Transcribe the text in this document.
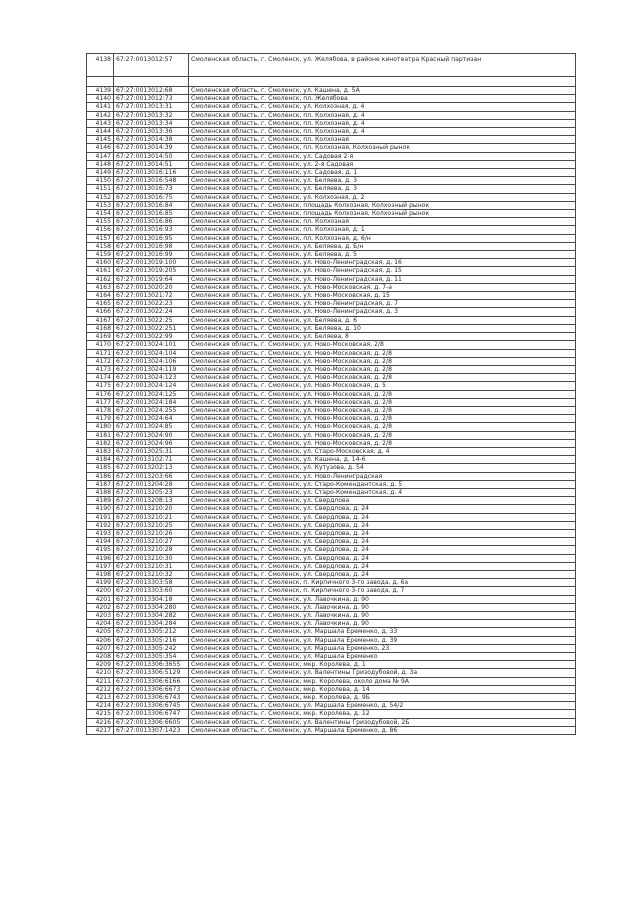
4138	67:27:0013012:57	Смоленская область, г. Смоленск, ул. Желябова, в районе кинотеатра Красный партизан

4139	67:27:0013012:68	Смоленская область, г. Смоленск, ул. Кашена, д. 5А
4140	67:27:0013012:73	Смоленская область, г. Смоленск, пл. Желябова
4141	67:27:0013013:31	Смоленская область, г. Смоленск, ул. Колхозная, д. 4
4142	67:27:0013013:32	Смоленская область, г. Смоленск, пл. Колхозная, д. 4
4143	67:27:0013013:34	Смоленская область, г. Смоленск, пл. Колхозная, д. 4
4144	67:27:0013013:36	Смоленская область, г. Смоленск, пл. Колхозная, д. 4
4145	67:27:0013014:38	Смоленская область, г. Смоленск, пл. Колхозная
4146	67:27:0013014:39	Смоленская область, г. Смоленск, пл. Колхозная, Колхозный рынок
4147	67:27:0013014:50	Смоленская область, г. Смоленск, ул. Садовая 2-я
4148	67:27:0013014:51	Смоленская область, г. Смоленск, ул. 2-я Садовая
4149	67:27:0013016:116	Смоленская область, г. Смоленск, ул. Садовая, д. 1
4150	67:27:0013016:548	Смоленская область, г. Смоленск, ул. Беляева, д. 3
4151	67:27:0013016:73	Смоленская область, г. Смоленск, ул. Беляева, д. 3
4152	67:27:0013016:75	Смоленская область, г. Смоленск, ул. Колхозная, д. 2
4153	67:27:0013016:84	Смоленская область, г. Смоленск, площадь Колхозная, Колхозный рынок
4154	67:27:0013016:85	Смоленская область, г. Смоленск, площадь Колхозная, Колхозный рынок
4155	67:27:0013016:86	Смоленская область, г. Смоленск, пл. Колхозная
4156	67:27:0013016:93	Смоленская область, г. Смоленск, пл. Колхозная, д. 1
4157	67:27:0013016:95	Смоленская область, г. Смоленск, пл. Колхозная, д. 6/н
4158	67:27:0013016:98	Смоленская область, г. Смоленск, ул. Беляева, д. Б/н
4159	67:27:0013016:99	Смоленская область, г. Смоленск, ул. Беляева, д. 5
4160	67:27:0013019:100	Смоленская область, г. Смоленск, ул. Ново-Ленинградская, д. 16
4161	67:27:0013019:205	Смоленская область, г. Смоленск, ул. Ново-Ленинградская, д. 15
4162	67:27:0013019:64	Смоленская область, г. Смоленск, ул. Ново-Ленинградская, д. 11
4163	67:27:0013020:20	Смоленская область, г. Смоленск, ул. Ново-Московская, д. 7-а
4164	67:27:0013021:72	Смоленская область, г. Смоленск, ул. Ново-Московская, д. 15
4165	67:27:0013022:23	Смоленская область, г. Смоленск, ул. Ново-Ленинградская, д. 7
4166	67:27:0013022:24	Смоленская область, г. Смоленск, ул. Ново-Ленинградская, д. 3
4167	67:27:0013022:25	Смоленская область, г. Смоленск, ул. Беляева, д. 6
4168	67:27:0013022:251	Смоленская область, г. Смоленск, ул. Беляева, д. 10
4169	67:27:0013022:99	Смоленская область, г. Смоленск, ул. Беляева, 8
4170	67:27:0013024:101	Смоленская область, г. Смоленск, ул. Ново-Московская, 2/8
4171	67:27:0013024:104	Смоленская область, г. Смоленск, ул. Ново-Московская, д. 2/8
4172	67:27:0013024:106	Смоленская область, г. Смоленск, ул. Ново-Московская, д. 2/8
4173	67:27:0013024:119	Смоленская область, г. Смоленск, ул. Ново-Московская, д. 2/8
4174	67:27:0013024:123	Смоленская область, г. Смоленск, ул. Ново-Московская, д. 2/8
4175	67:27:0013024:124	Смоленская область, г. Смоленск, ул. Ново-Московская, д. 5
4176	67:27:0013024:125	Смоленская область, г. Смоленск, ул. Ново-Московская, д. 2/8
4177	67:27:0013024:184	Смоленская область, г. Смоленск, ул. Ново-Московская, д. 2/8
4178	67:27:0013024:255	Смоленская область, г. Смоленск, ул. Ново-Московская, д. 2/8
4179	67:27:0013024:64	Смоленская область, г. Смоленск, ул. Ново-Московская, д. 2/8
4180	67:27:0013024:85	Смоленская область, г. Смоленск, ул. Ново-Московская, д. 2/8
4181	67:27:0013024:90	Смоленская область, г. Смоленск, ул. Ново-Московская, д. 2/8
4182	67:27:0013024:96	Смоленская область, г. Смоленск, ул. Ново-Московская, д. 2/8
4183	67:27:0013025:31	Смоленская область, г. Смоленск, ул. Старо-Московская, д. 4
4184	67:27:0013102:71	Смоленская область, г. Смоленск, ул. Кашена, д. 14-6
4185	67:27:0013202:13	Смоленская область, г. Смоленск, ул. Кутузова, д. 54
4186	67:27:0013203:66	Смоленская область, г. Смоленск, ул. Ново-Ленинградская
4187	67:27:0013204:28	Смоленская область, г. Смоленск, ул. Старо-Комендантская, д. 5
4188	67:27:0013205:23	Смоленская область, г. Смоленск, ул. Старо-Комендантская, д. 4
4189	67:27:0013208:13	Смоленская область, г. Смоленск, ул. Свердлова
4190	67:27:0013210:20	Смоленская область, г. Смоленск, ул. Свердлова, д. 24
4191	67:27:0013210:21	Смоленская область, г. Смоленск, ул. Свердлова, д. 24
4192	67:27:0013210:25	Смоленская область, г. Смоленск, ул. Свердлова, д. 24
4193	67:27:0013210:26	Смоленская область, г. Смоленск, ул. Свердлова, д. 24
4194	67:27:0013210:27	Смоленская область, г. Смоленск, ул. Свердлова, д. 24
4195	67:27:0013210:28	Смоленская область, г. Смоленск, ул. Свердлова, д. 24
4196	67:27:0013210:30	Смоленская область, г. Смоленск, ул. Свердлова, д. 24
4197	67:27:0013210:31	Смоленская область, г. Смоленск, ул. Свердлова, д. 24
4198	67:27:0013210:32	Смоленская область, г. Смоленск, ул. Свердлова, д. 24
4199	67:27:0013303:58	Смоленская область, г. Смоленск, п. Кирпичного 3-го завода, д. 6а
4200	67:27:0013303:60	Смоленская область, г. Смоленск, п. Кирпичного 3-го завода, д. 7
4201	67:27:0013304:18	Смоленская область, г. Смоленск, ул. Лавочкина, д. 90
4202	67:27:0013304:280	Смоленская область, г. Смоленск, ул. Лавочкина, д. 90
4203	67:27:0013304:282	Смоленская область, г. Смоленск, ул. Лавочкина, д. 90
4204	67:27:0013304:284	Смоленская область, г. Смоленск, ул. Лавочкина, д. 90
4205	67:27:0013305:212	Смоленская область, г. Смоленск, ул. Маршала Еременко, д. 33
4206	67:27:0013305:216	Смоленская область, г. Смоленск, ул. Маршала Еременко, д. 39
4207	67:27:0013305:242	Смоленская область, г. Смоленск, ул. Маршала Еременко, 23
4208	67:27:0013305:354	Смоленская область, г. Смоленск, ул. Маршала Еременко
4209	67:27:0013306:3655	Смоленская область, г. Смоленск, мкр. Королева, д. 1
4210	67:27:0013306:5129	Смоленская область, г. Смоленск, ул. Валентины Гризодубовой, д. 3а
4211	67:27:0013306:6166	Смоленская область, г. Смоленск, мкр. Королева, около дома № 9А
4212	67:27:0013306:6673	Смоленская область, г. Смоленск, мкр. Королева, д. 14
4213	67:27:0013306:6743	Смоленская область, г. Смоленск, мкр. Королева, д. 9Б
4214	67:27:0013306:6745	Смоленская область, г. Смоленск, ул. Маршала Еременко, д. 54/2
4215	67:27:0013306:6747	Смоленская область, г. Смоленск, мкр. Королева, д. 12
4216	67:27:0013306:6605	Смоленская область, г. Смоленск, ул. Валентины Гризодубовой, 2Б
4217	67:27:0013307:1423	Смоленская область, г. Смоленск, ул. Маршала Еременко, д. 86
